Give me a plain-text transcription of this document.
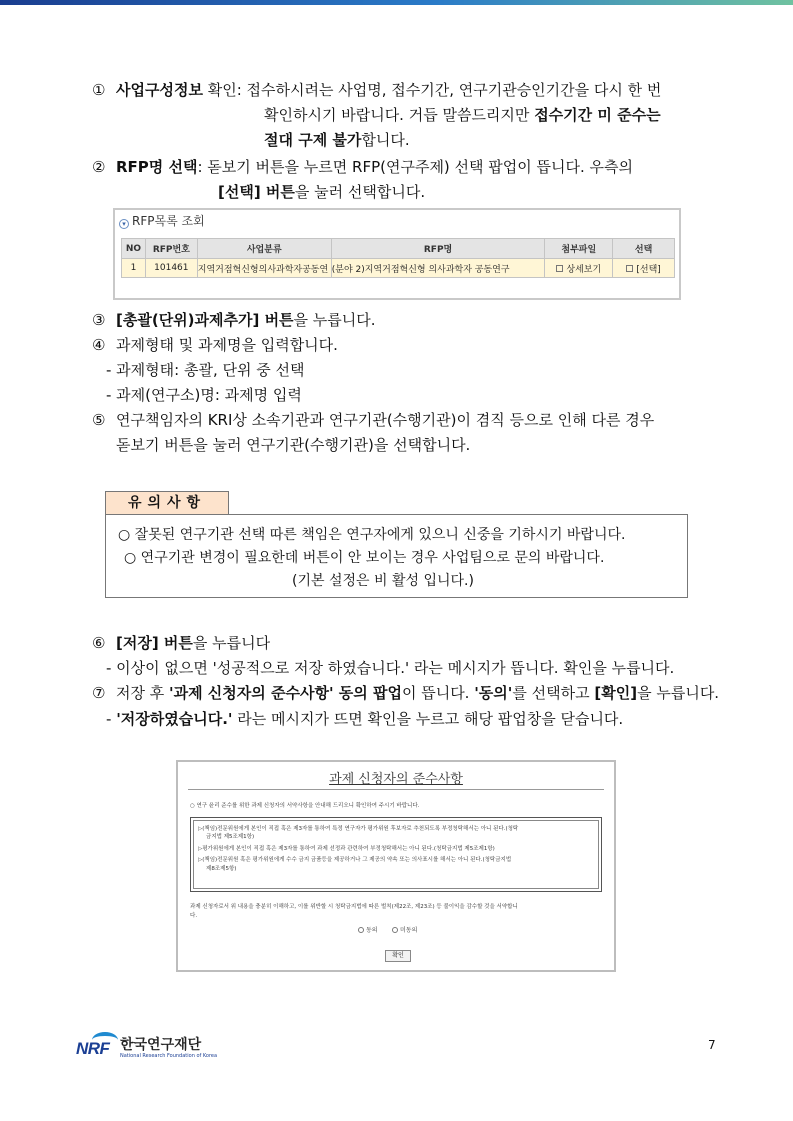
① 사업구성정보 확인: 접수하시려는 사업명, 접수기간, 연구기관승인기간을 다시 한 번
확인하시기 바랍니다. 거듭 말씀드리지만 접수기간 미 준수는
절대 구제 불가합니다.
② RFP명 선택: 돋보기 버튼을 누르면 RFP(연구주제) 선택 팝업이 뜹니다. 우측의
[선택] 버튼을 눌러 선택합니다.
▾ RFP목록 조회
NO	RFP번호	사업분류	RFP명	첨부파일	선택
1	101461	지역거점혁신형의사과학자공동연	(분야 2)지역거점혁신형 의사과학자 공동연구	상세보기	[선택]
③ [총괄(단위)과제추가] 버튼을 누릅니다.
④ 과제형태 및 과제명을 입력합니다.
- 과제형태: 총괄, 단위 중 선택
- 과제(연구소)명: 과제명 입력
⑤ 연구책임자의 KRI상 소속기관과 연구기관(수행기관)이 겸직 등으로 인해 다른 경우
돋보기 버튼을 눌러 연구기관(수행기관)을 선택합니다.
유의사항
○ 잘못된 연구기관 선택 따른 책임은 연구자에게 있으니 신중을 기하시기 바랍니다.
○ 연구기관 변경이 필요한데 버튼이 안 보이는 경우 사업팀으로 문의 바랍니다.
(기본 설정은 비 활성 입니다.)
⑥ [저장] 버튼을 누릅니다
- 이상이 없으면 '성공적으로 저장 하였습니다.' 라는 메시지가 뜹니다. 확인을 누릅니다.
⑦ 저장 후 '과제 신청자의 준수사항' 동의 팝업이 뜹니다. '동의'를 선택하고 [확인]을 누릅니다.
- '저장하였습니다.' 라는 메시지가 뜨면 확인을 누르고 해당 팝업창을 닫습니다.
과제 신청자의 준수사항
○ 연구 윤리 준수를 위한 과제 신청자의 서약사항을 안내해 드리오니 확인하여 주시기 바랍니다.
▷(책임)전문위원에게 본인이 직접 혹은 제3자를 통하여 특정 연구자가 평가위원 후보자로 추천되도록 부정청탁해서는 아니 된다.(청탁
금지법 제5조제1항)
▷평가위원에게 본인이 직접 혹은 제3자를 통하여 과제 선정과 관련하여 부정청탁해서는 아니 된다.(청탁금지법 제5조제1항)
▷(책임)전문위원 혹은 평가위원에게 수수 금지 금품등을 제공하거나 그 제공의 약속 또는 의사표시를 해서는 아니 된다.(청탁금지법
제8조제5항)
과제 신청자로서 위 내용을 충분히 이해하고, 이를 위반할 시 청탁금지법에 따른 벌칙(제22조, 제23조) 등 불이익을 감수할 것을 서약합니
다.
동의	미동의
확인
NRF 한국연구재단
National Research Foundation of Korea
7
